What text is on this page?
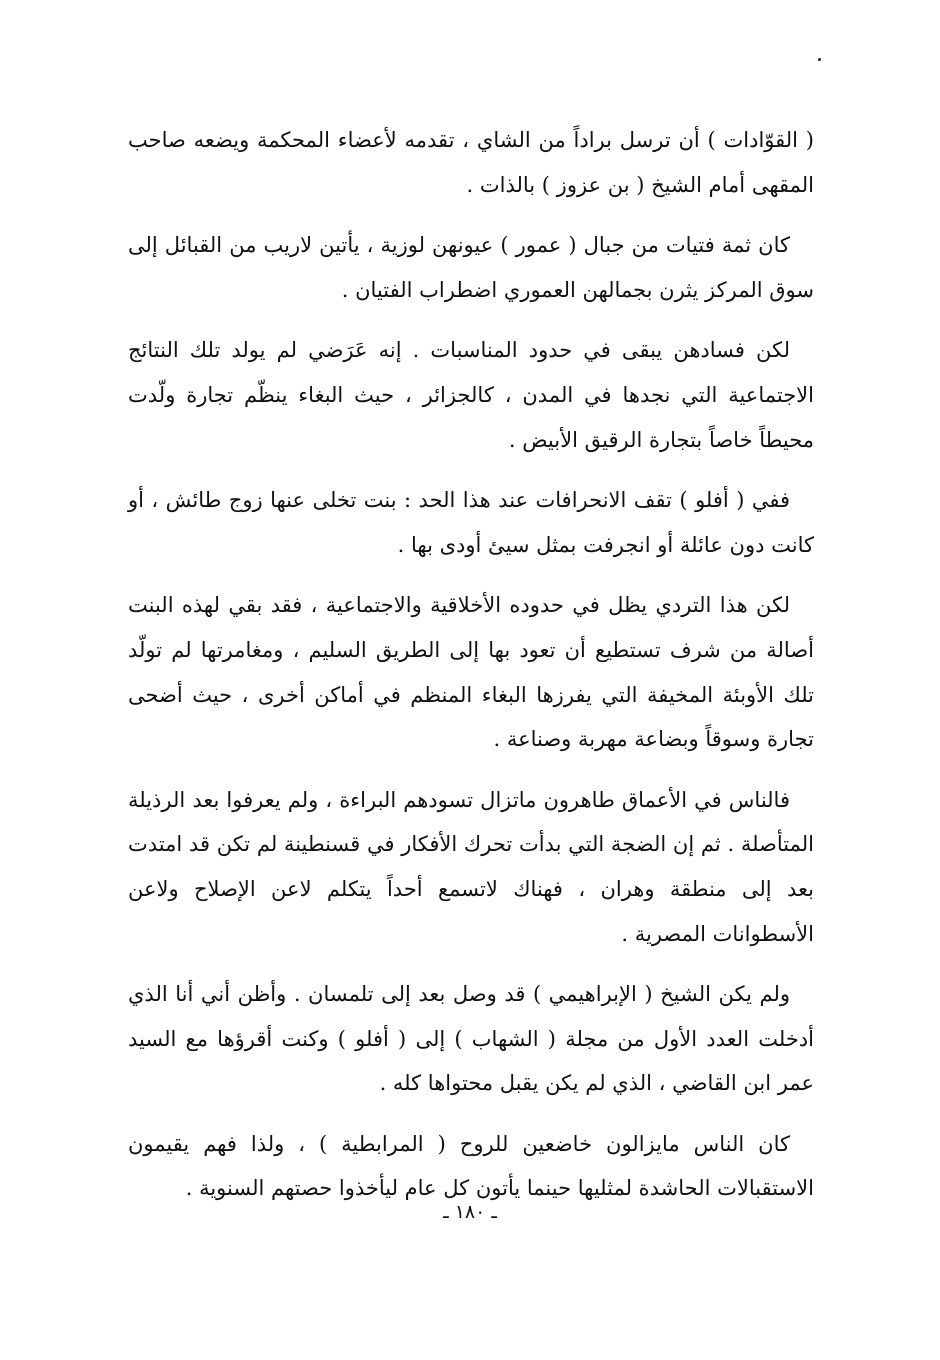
( القوّادات ) أن ترسل براداً من الشاي ، تقدمه لأعضاء المحكمة ويضعه صاحب المقهى أمام الشيخ ( بن عزوز ) بالذات .

كان ثمة فتيات من جبال ( عمور ) عيونهن لوزية ، يأتين لاريب من القبائل إلى سوق المركز يثرن بجمالهن العموري اضطراب الفتيان .

لكن فسادهن يبقى في حدود المناسبات . إنه عَرَضي لم يولد تلك النتائج الاجتماعية التي نجدها في المدن ، كالجزائر ، حيث البغاء ينظّم تجارة ولّدت محيطاً خاصاً بتجارة الرقيق الأبيض .

ففي ( أفلو ) تقف الانحرافات عند هذا الحد : بنت تخلى عنها زوج طائش ، أو كانت دون عائلة أو انجرفت بمثل سيئ أودى بها .

لكن هذا التردي يظل في حدوده الأخلاقية والاجتماعية ، فقد بقي لهذه البنت أصالة من شرف تستطيع أن تعود بها إلى الطريق السليم ، ومغامرتها لم تولّد تلك الأوبئة المخيفة التي يفرزها البغاء المنظم في أماكن أخرى ، حيث أضحى تجارة وسوقاً وبضاعة مهربة وصناعة .

فالناس في الأعماق طاهرون ماتزال تسودهم البراءة ، ولم يعرفوا بعد الرذيلة المتأصلة . ثم إن الضجة التي بدأت تحرك الأفكار في قسنطينة لم تكن قد امتدت بعد إلى منطقة وهران ، فهناك لاتسمع أحداً يتكلم لاعن الإصلاح ولاعن الأسطوانات المصرية .

ولم يكن الشيخ ( الإبراهيمي ) قد وصل بعد إلى تلمسان . وأظن أني أنا الذي أدخلت العدد الأول من مجلة ( الشهاب ) إلى ( أفلو ) وكنت أقرؤها مع السيد عمر ابن القاضي ، الذي لم يكن يقبل محتواها كله .

كان الناس مايزالون خاضعين للروح ( المرابطية ) ، ولذا فهم يقيمون الاستقبالات الحاشدة لمثليها حينما يأتون كل عام ليأخذوا حصتهم السنوية .

ـ ١٨٠ ـ
